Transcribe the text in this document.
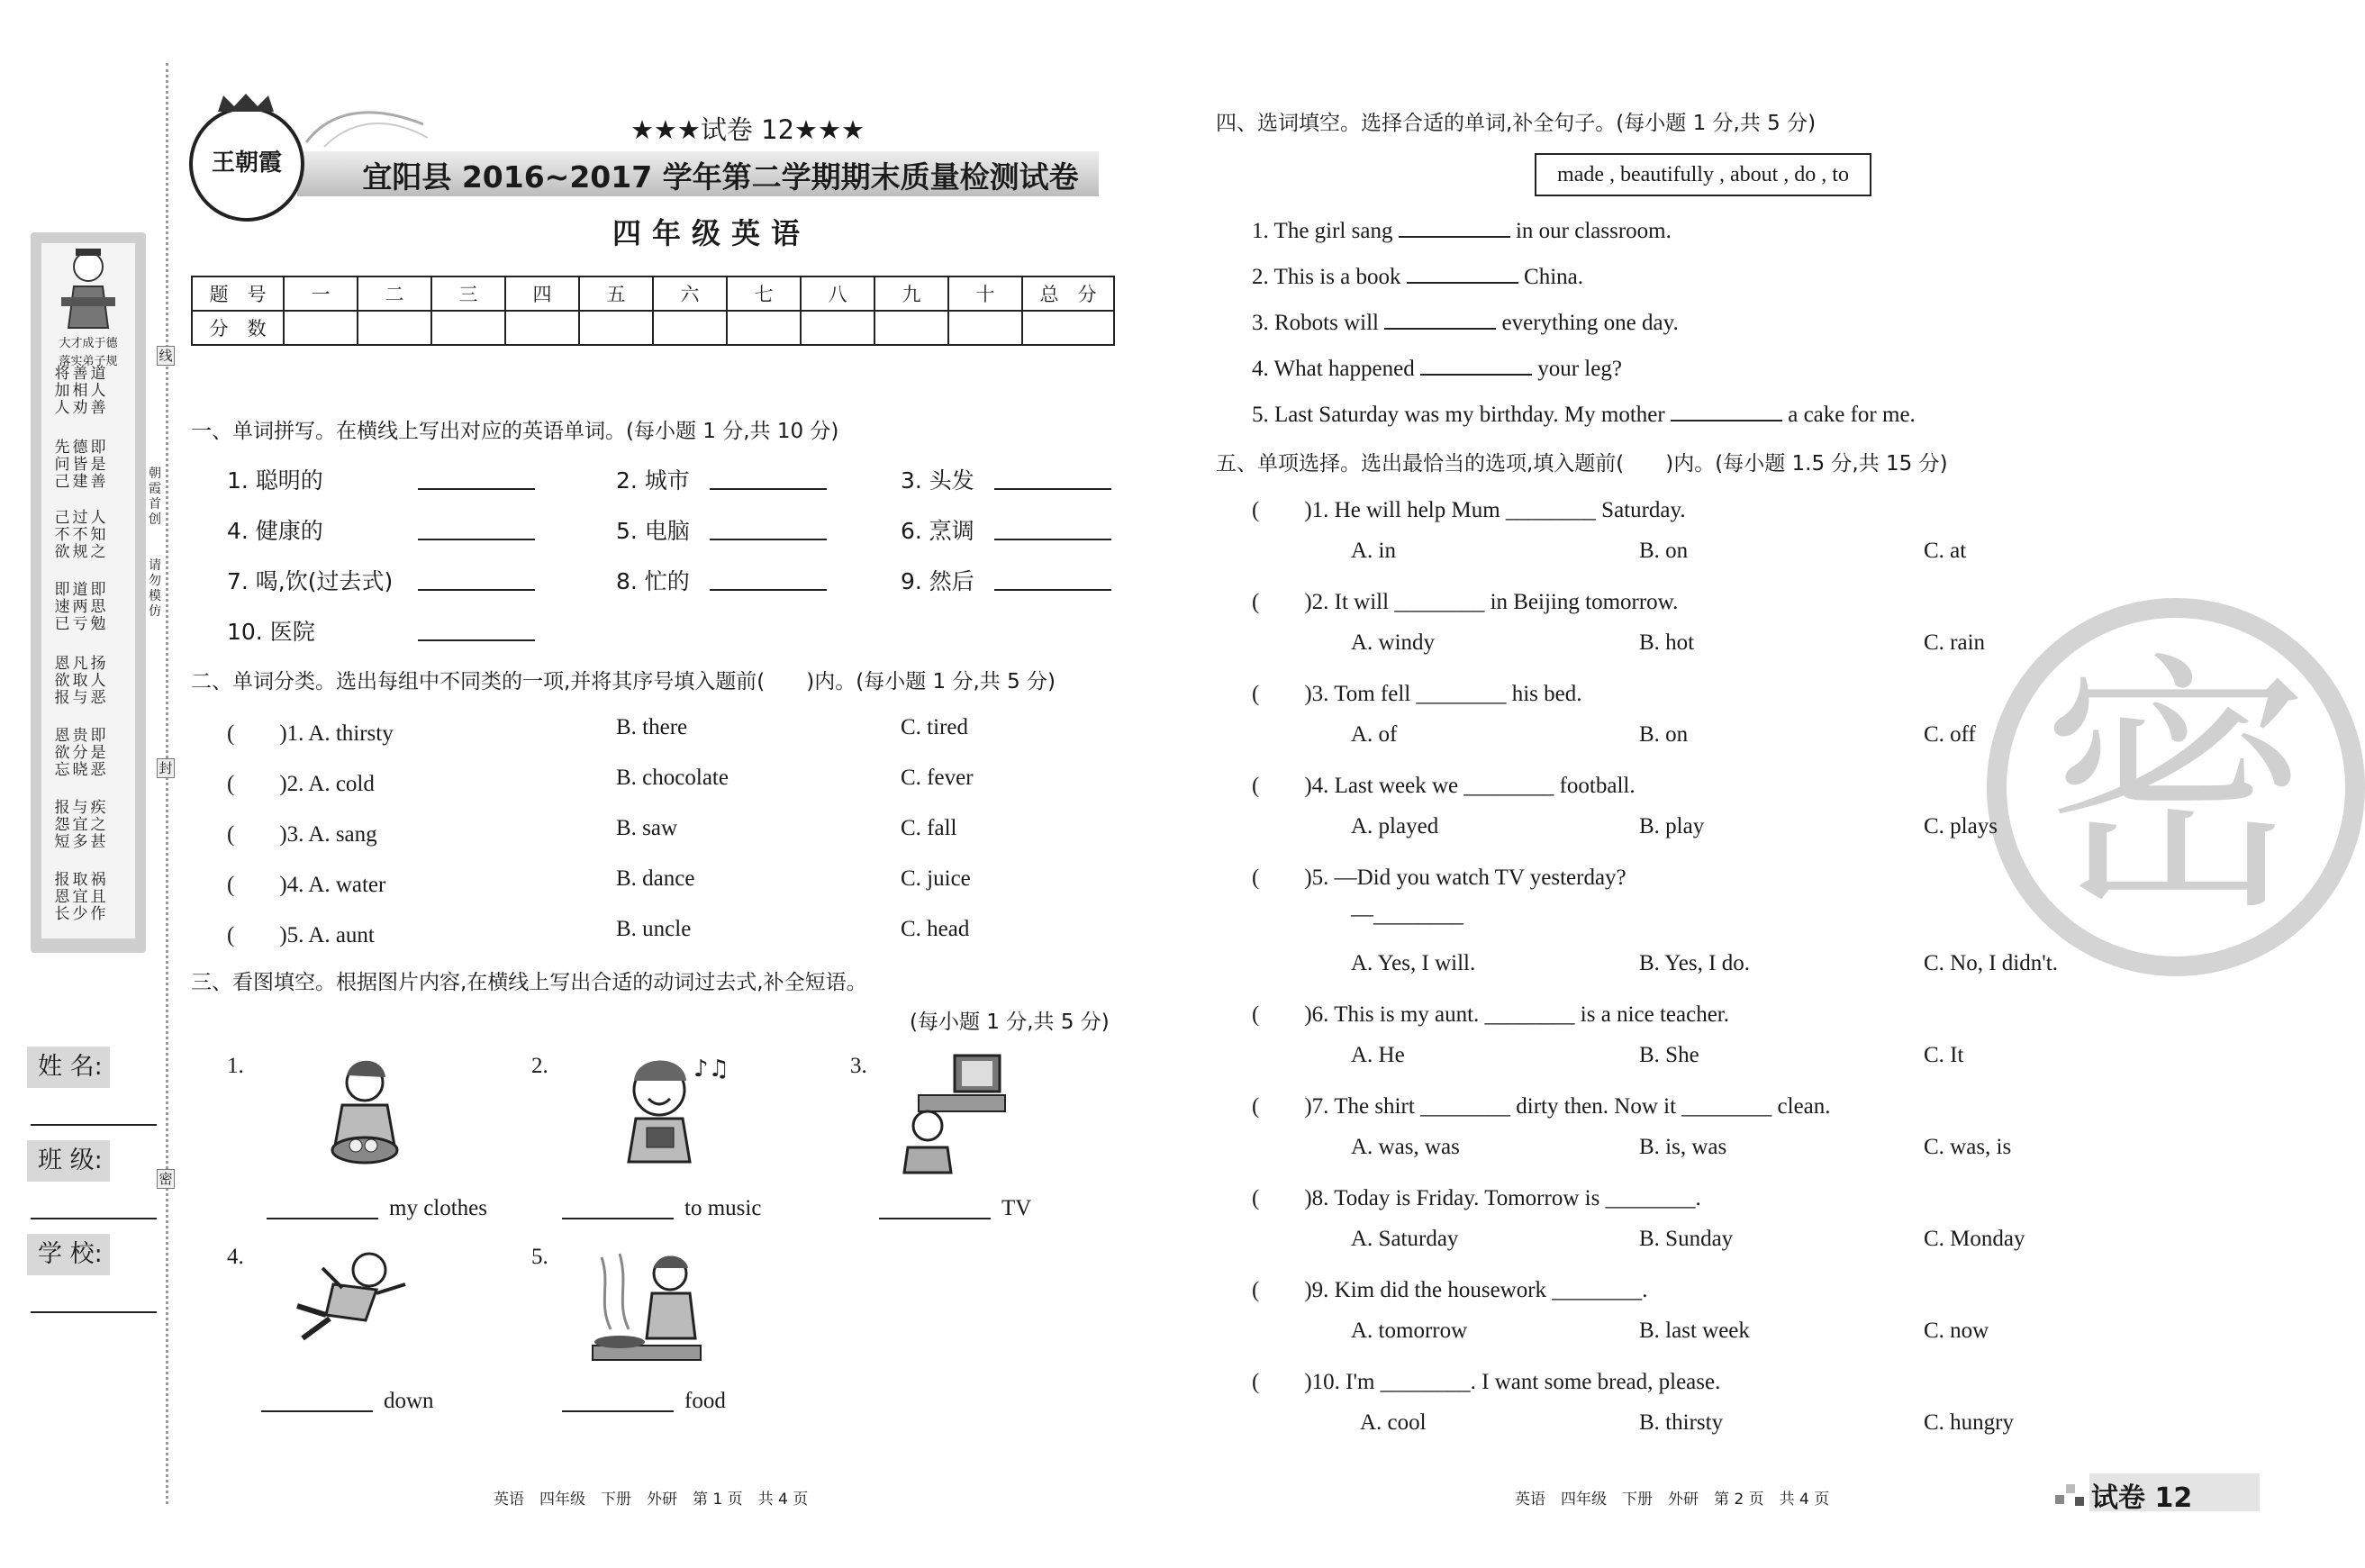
大才成于德
落实弟子规
道人善
善相劝
将加人
即是善
德皆建
先问己
人知之
过不规
己不欲
即思勉
道两亏
即速已
扬人恶
凡取与
恩欲报
即是恶
贵分晓
恩欲忘
疾之甚
与宜多
报怨短
祸且作
取宜少
报恩长
朝霞首创
请勿模仿
线
封
密
姓 名:
班 级:
学 校:
王朝霞
★★★试卷 12★★★
宜阳县 2016~2017 学年第二学期期末质量检测试卷
四年级英语
题　号	一	二	三	四	五	六	七	八	九	十	总　分
分　数											
一、单词拼写。在横线上写出对应的英语单词。(每小题 1 分,共 10 分)
1. 聪明的	2. 城市	3. 头发
4. 健康的	5. 电脑	6. 烹调
7. 喝,饮(过去式)	8. 忙的	9. 然后
10. 医院
二、单词分类。选出每组中不同类的一项,并将其序号填入题前(　　)内。(每小题 1 分,共 5 分)
(　　)1. A. thirsty	B. there	C. tired
(　　)2. A. cold	B. chocolate	C. fever
(　　)3. A. sang	B. saw	C. fall
(　　)4. A. water	B. dance	C. juice
(　　)5. A. aunt	B. uncle	C. head
三、看图填空。根据图片内容,在横线上写出合适的动词过去式,补全短语。
(每小题 1 分,共 5 分)
1.
my clothes
2.	♪♫
to music
3.
TV
4.
down
5.
food
英语　四年级　下册　外研　第 1 页　共 4 页
四、选词填空。选择合适的单词,补全句子。(每小题 1 分,共 5 分)
made , beautifully , about , do , to
1. The girl sang	in our classroom.
2. This is a book	China.
3. Robots will	everything one day.
4. What happened	your leg?
5. Last Saturday was my birthday. My mother	a cake for me.
密
五、单项选择。选出最恰当的选项,填入题前(　　)内。(每小题 1.5 分,共 15 分)
(　　)1. He will help Mum ________ Saturday.
A. in	B. on	C. at
(　　)2. It will ________ in Beijing tomorrow.
A. windy	B. hot	C. rain
(　　)3. Tom fell ________ his bed.
A. of	B. on	C. off
(　　)4. Last week we ________ football.
A. played	B. play	C. plays
(　　)5. —Did you watch TV yesterday?
—________
A. Yes, I will.	B. Yes, I do.	C. No, I didn't.
(　　)6. This is my aunt. ________ is a nice teacher.
A. He	B. She	C. It
(　　)7. The shirt ________ dirty then. Now it ________ clean.
A. was, was	B. is, was	C. was, is
(　　)8. Today is Friday. Tomorrow is ________.
A. Saturday	B. Sunday	C. Monday
(　　)9. Kim did the housework ________.
A. tomorrow	B. last week	C. now
(　　)10. I'm ________. I want some bread, please.
A. cool	B. thirsty	C. hungry
英语　四年级　下册　外研　第 2 页　共 4 页	试卷 12
